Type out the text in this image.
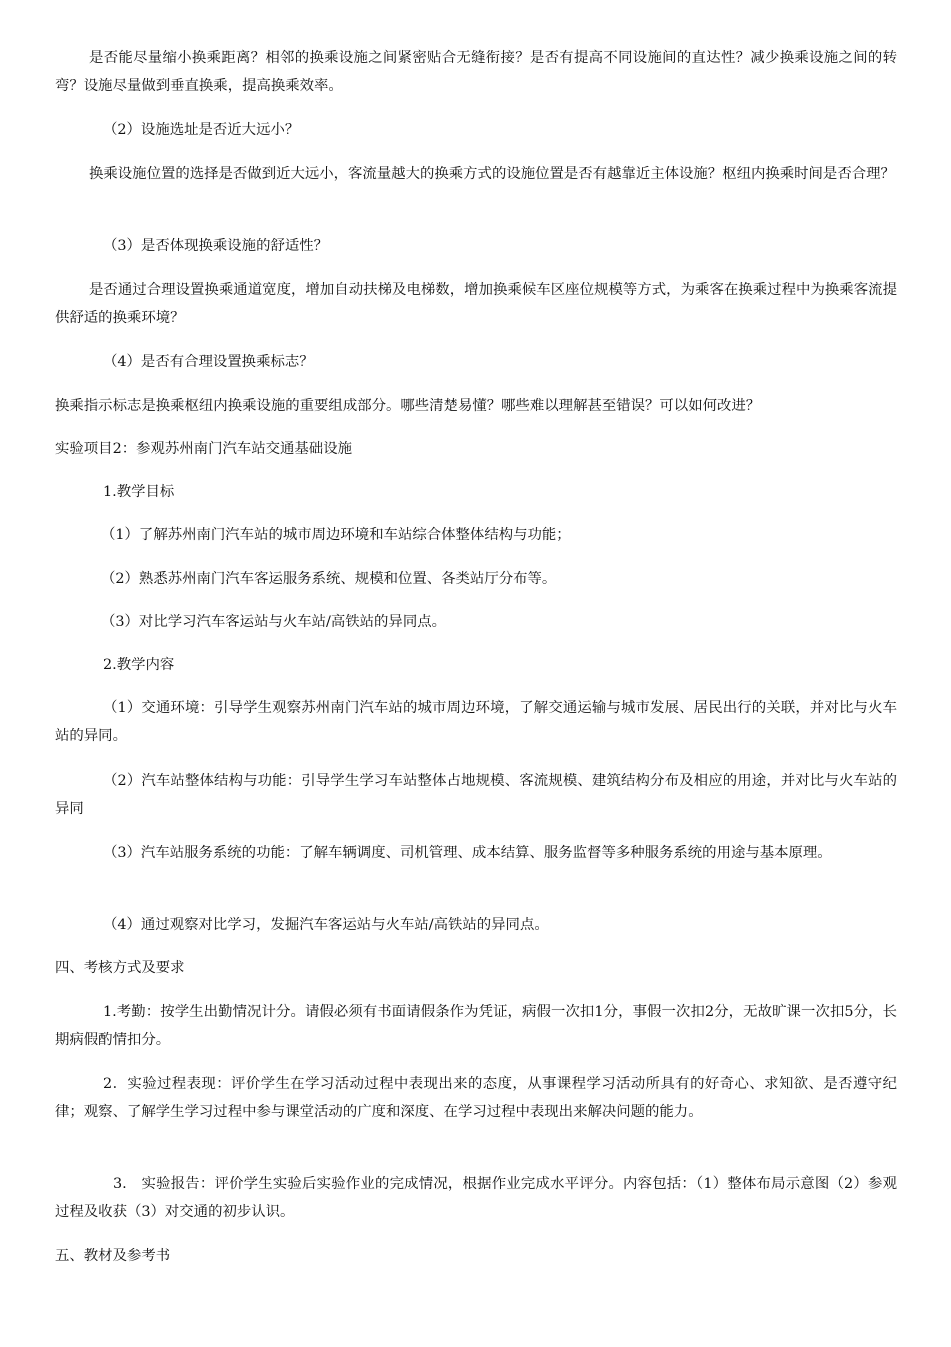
是否能尽量缩小换乘距离？相邻的换乘设施之间紧密贴合无缝衔接？是否有提高不同设施间的直达性？减少换乘设施之间的转弯？设施尽量做到垂直换乘，提高换乘效率。

（2）设施选址是否近大远小？

换乘设施位置的选择是否做到近大远小，客流量越大的换乘方式的设施位置是否有越靠近主体设施？枢纽内换乘时间是否合理？

（3）是否体现换乘设施的舒适性？

是否通过合理设置换乘通道宽度，增加自动扶梯及电梯数，增加换乘候车区座位规模等方式，为乘客在换乘过程中为换乘客流提供舒适的换乘环境？

（4）是否有合理设置换乘标志？

换乘指示标志是换乘枢纽内换乘设施的重要组成部分。哪些清楚易懂？哪些难以理解甚至错误？可以如何改进？

实验项目2：参观苏州南门汽车站交通基础设施

1.教学目标

（1）了解苏州南门汽车站的城市周边环境和车站综合体整体结构与功能；

（2）熟悉苏州南门汽车客运服务系统、规模和位置、各类站厅分布等。

（3）对比学习汽车客运站与火车站/高铁站的异同点。

2.教学内容

（1）交通环境：引导学生观察苏州南门汽车站的城市周边环境，了解交通运输与城市发展、居民出行的关联，并对比与火车站的异同。

（2）汽车站整体结构与功能：引导学生学习车站整体占地规模、客流规模、建筑结构分布及相应的用途，并对比与火车站的异同

（3）汽车站服务系统的功能：了解车辆调度、司机管理、成本结算、服务监督等多种服务系统的用途与基本原理。

（4）通过观察对比学习，发掘汽车客运站与火车站/高铁站的异同点。

四、考核方式及要求

1.考勤：按学生出勤情况计分。请假必须有书面请假条作为凭证，病假一次扣1分，事假一次扣2分，无故旷课一次扣5分，长期病假酌情扣分。

2．实验过程表现：评价学生在学习活动过程中表现出来的态度，从事课程学习活动所具有的好奇心、求知欲、是否遵守纪律；观察、了解学生学习过程中参与课堂活动的广度和深度、在学习过程中表现出来解决问题的能力。

3.　实验报告：评价学生实验后实验作业的完成情况，根据作业完成水平评分。内容包括：（1）整体布局示意图（2）参观过程及收获（3）对交通的初步认识。

五、教材及参考书
